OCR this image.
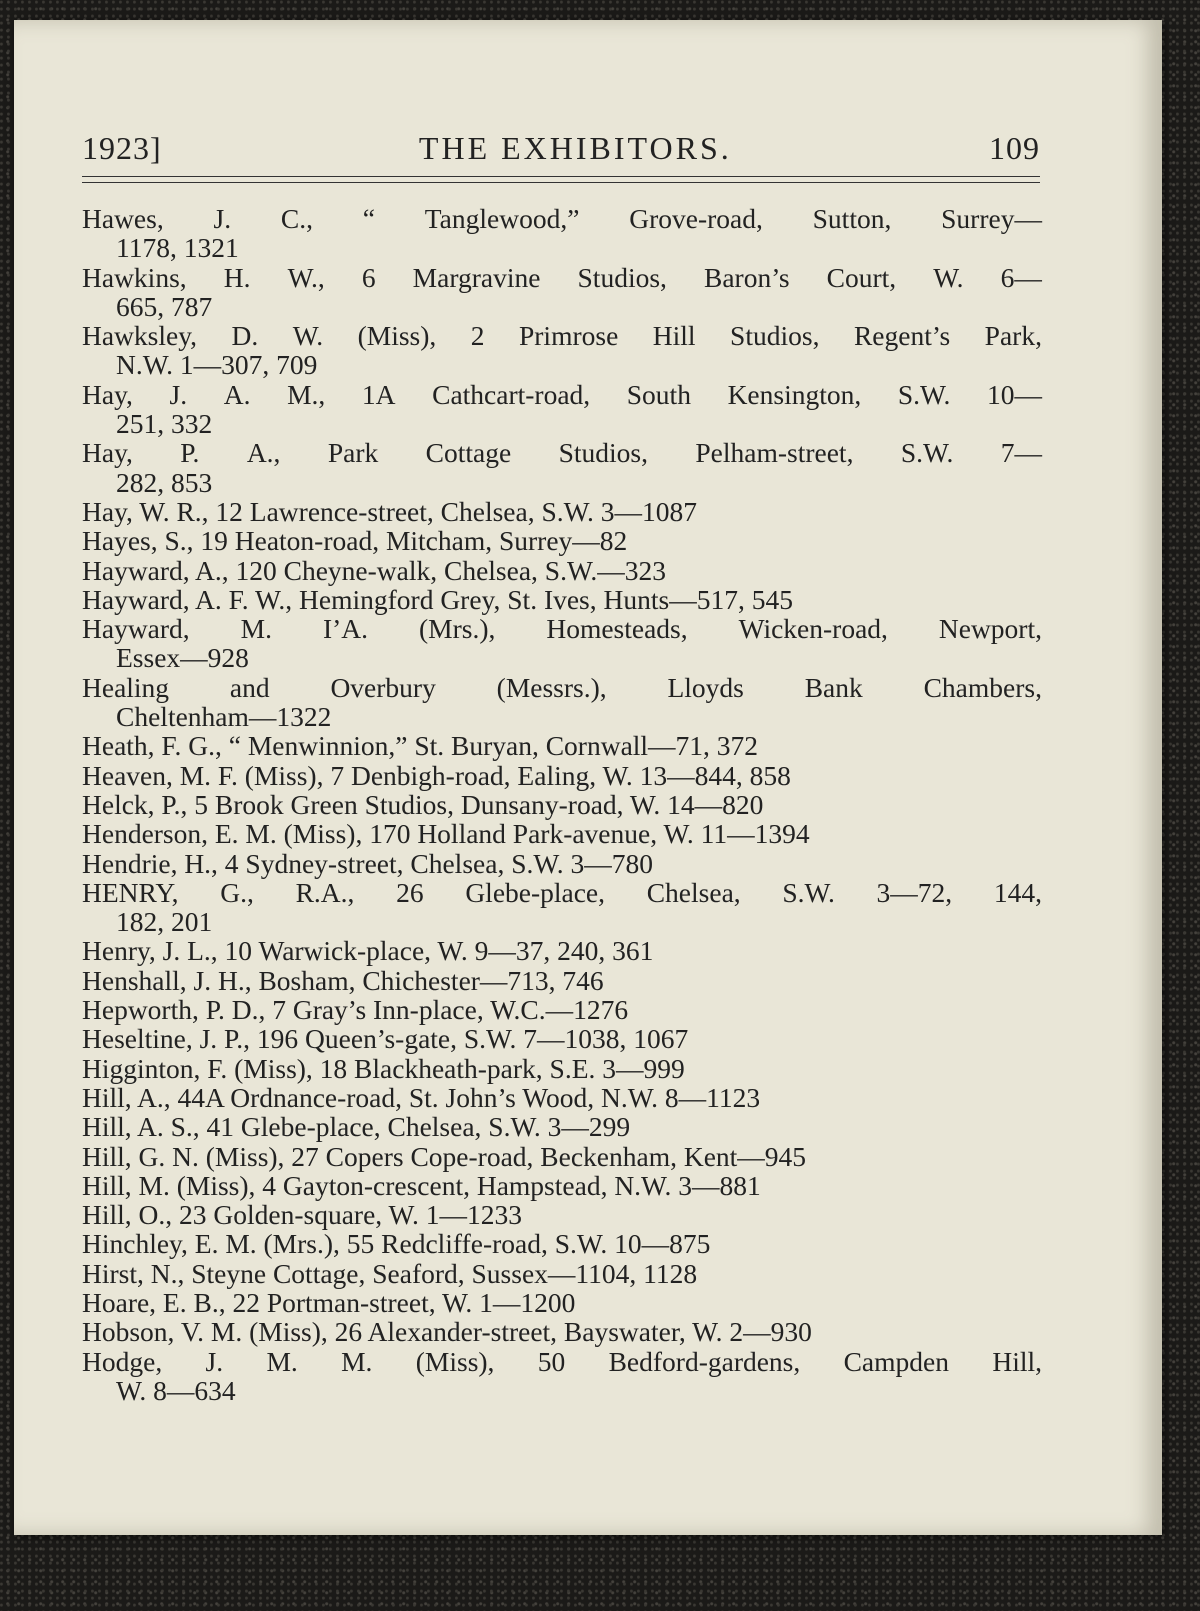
1923]	THE EXHIBITORS.	109
Hawes, J. C., “ Tanglewood,” Grove-road, Sutton, Surrey—
1178, 1321
Hawkins, H. W., 6 Margravine Studios, Baron’s Court, W. 6—
665, 787
Hawksley, D. W. (Miss), 2 Primrose Hill Studios, Regent’s Park,
N.W. 1—307, 709
Hay, J. A. M., 1A Cathcart-road, South Kensington, S.W. 10—
251, 332
Hay, P. A., Park Cottage Studios, Pelham-street, S.W. 7—
282, 853
Hay, W. R., 12 Lawrence-street, Chelsea, S.W. 3—1087
Hayes, S., 19 Heaton-road, Mitcham, Surrey—82
Hayward, A., 120 Cheyne-walk, Chelsea, S.W.—323
Hayward, A. F. W., Hemingford Grey, St. Ives, Hunts—517, 545
Hayward, M. I’A. (Mrs.), Homesteads, Wicken-road, Newport,
Essex—928
Healing and Overbury (Messrs.), Lloyds Bank Chambers,
Cheltenham—1322
Heath, F. G., “ Menwinnion,” St. Buryan, Cornwall—71, 372
Heaven, M. F. (Miss), 7 Denbigh-road, Ealing, W. 13—844, 858
Helck, P., 5 Brook Green Studios, Dunsany-road, W. 14—820
Henderson, E. M. (Miss), 170 Holland Park-avenue, W. 11—1394
Hendrie, H., 4 Sydney-street, Chelsea, S.W. 3—780
HENRY, G., R.A., 26 Glebe-place, Chelsea, S.W. 3—72, 144,
182, 201
Henry, J. L., 10 Warwick-place, W. 9—37, 240, 361
Henshall, J. H., Bosham, Chichester—713, 746
Hepworth, P. D., 7 Gray’s Inn-place, W.C.—1276
Heseltine, J. P., 196 Queen’s-gate, S.W. 7—1038, 1067
Higginton, F. (Miss), 18 Blackheath-park, S.E. 3—999
Hill, A., 44A Ordnance-road, St. John’s Wood, N.W. 8—1123
Hill, A. S., 41 Glebe-place, Chelsea, S.W. 3—299
Hill, G. N. (Miss), 27 Copers Cope-road, Beckenham, Kent—945
Hill, M. (Miss), 4 Gayton-crescent, Hampstead, N.W. 3—881
Hill, O., 23 Golden-square, W. 1—1233
Hinchley, E. M. (Mrs.), 55 Redcliffe-road, S.W. 10—875
Hirst, N., Steyne Cottage, Seaford, Sussex—1104, 1128
Hoare, E. B., 22 Portman-street, W. 1—1200
Hobson, V. M. (Miss), 26 Alexander-street, Bayswater, W. 2—930
Hodge, J. M. M. (Miss), 50 Bedford-gardens, Campden Hill,
W. 8—634
